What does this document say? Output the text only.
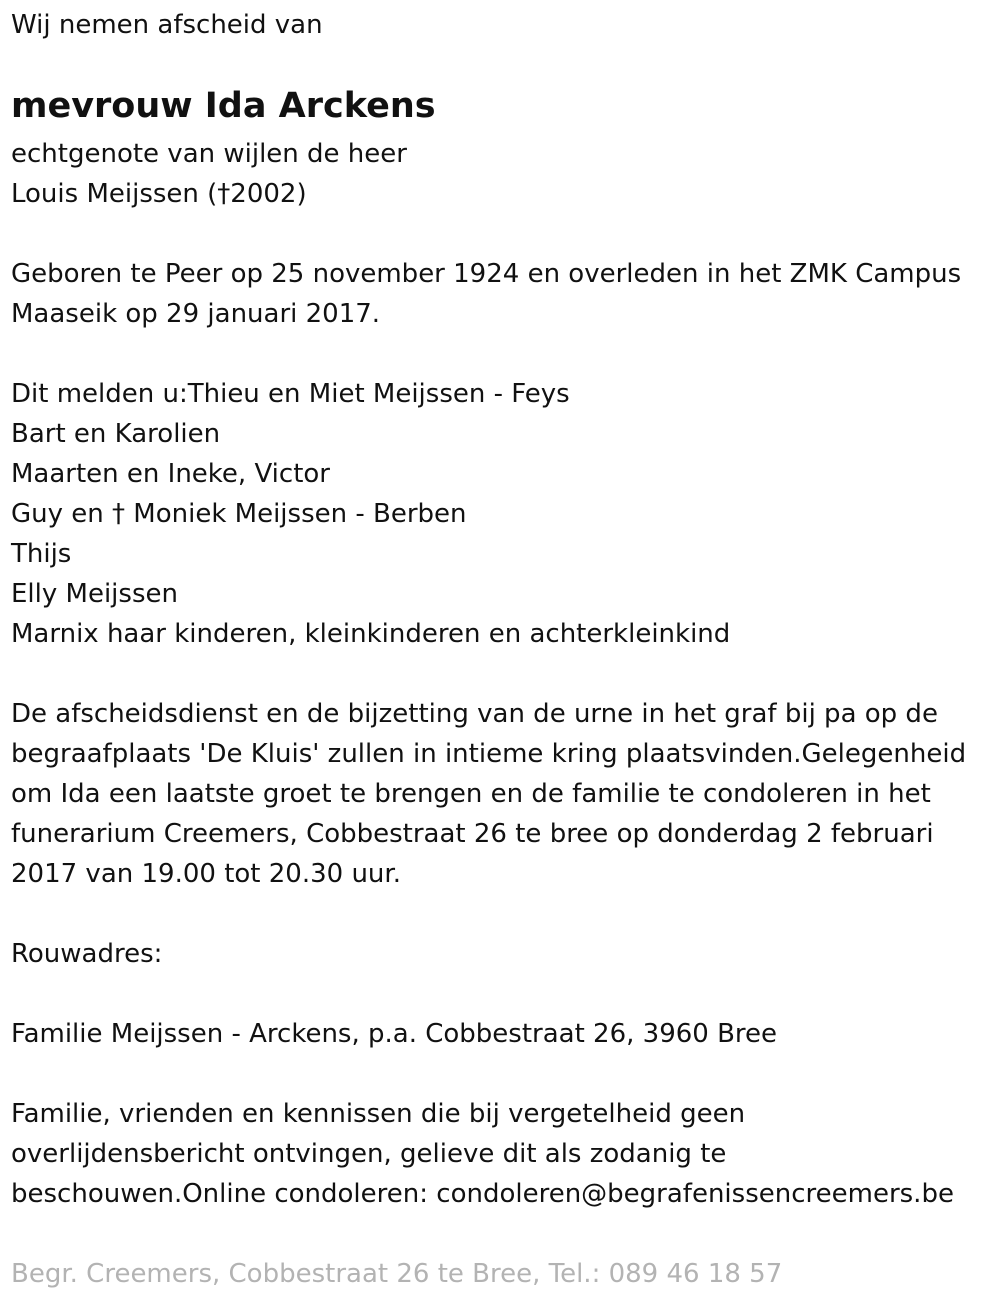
Wij nemen afscheid van
mevrouw Ida Arckens
echtgenote van wijlen de heer
Louis Meijssen (†2002)
Geboren te Peer op 25 november 1924 en overleden in het ZMK Campus
Maaseik op 29 januari 2017.
Dit melden u:Thieu en Miet Meijssen - Feys
Bart en Karolien
Maarten en Ineke, Victor
Guy en † Moniek Meijssen - Berben
Thijs
Elly Meijssen
Marnix haar kinderen, kleinkinderen en achterkleinkind
De afscheidsdienst en de bijzetting van de urne in het graf bij pa op de
begraafplaats 'De Kluis' zullen in intieme kring plaatsvinden.Gelegenheid
om Ida een laatste groet te brengen en de familie te condoleren in het
funerarium Creemers, Cobbestraat 26 te bree op donderdag 2 februari
2017 van 19.00 tot 20.30 uur.
Rouwadres:
Familie Meijssen - Arckens, p.a. Cobbestraat 26, 3960 Bree
Familie, vrienden en kennissen die bij vergetelheid geen
overlijdensbericht ontvingen, gelieve dit als zodanig te
beschouwen.Online condoleren: condoleren@begrafenissencreemers.be
Begr. Creemers, Cobbestraat 26 te Bree, Tel.: 089 46 18 57
